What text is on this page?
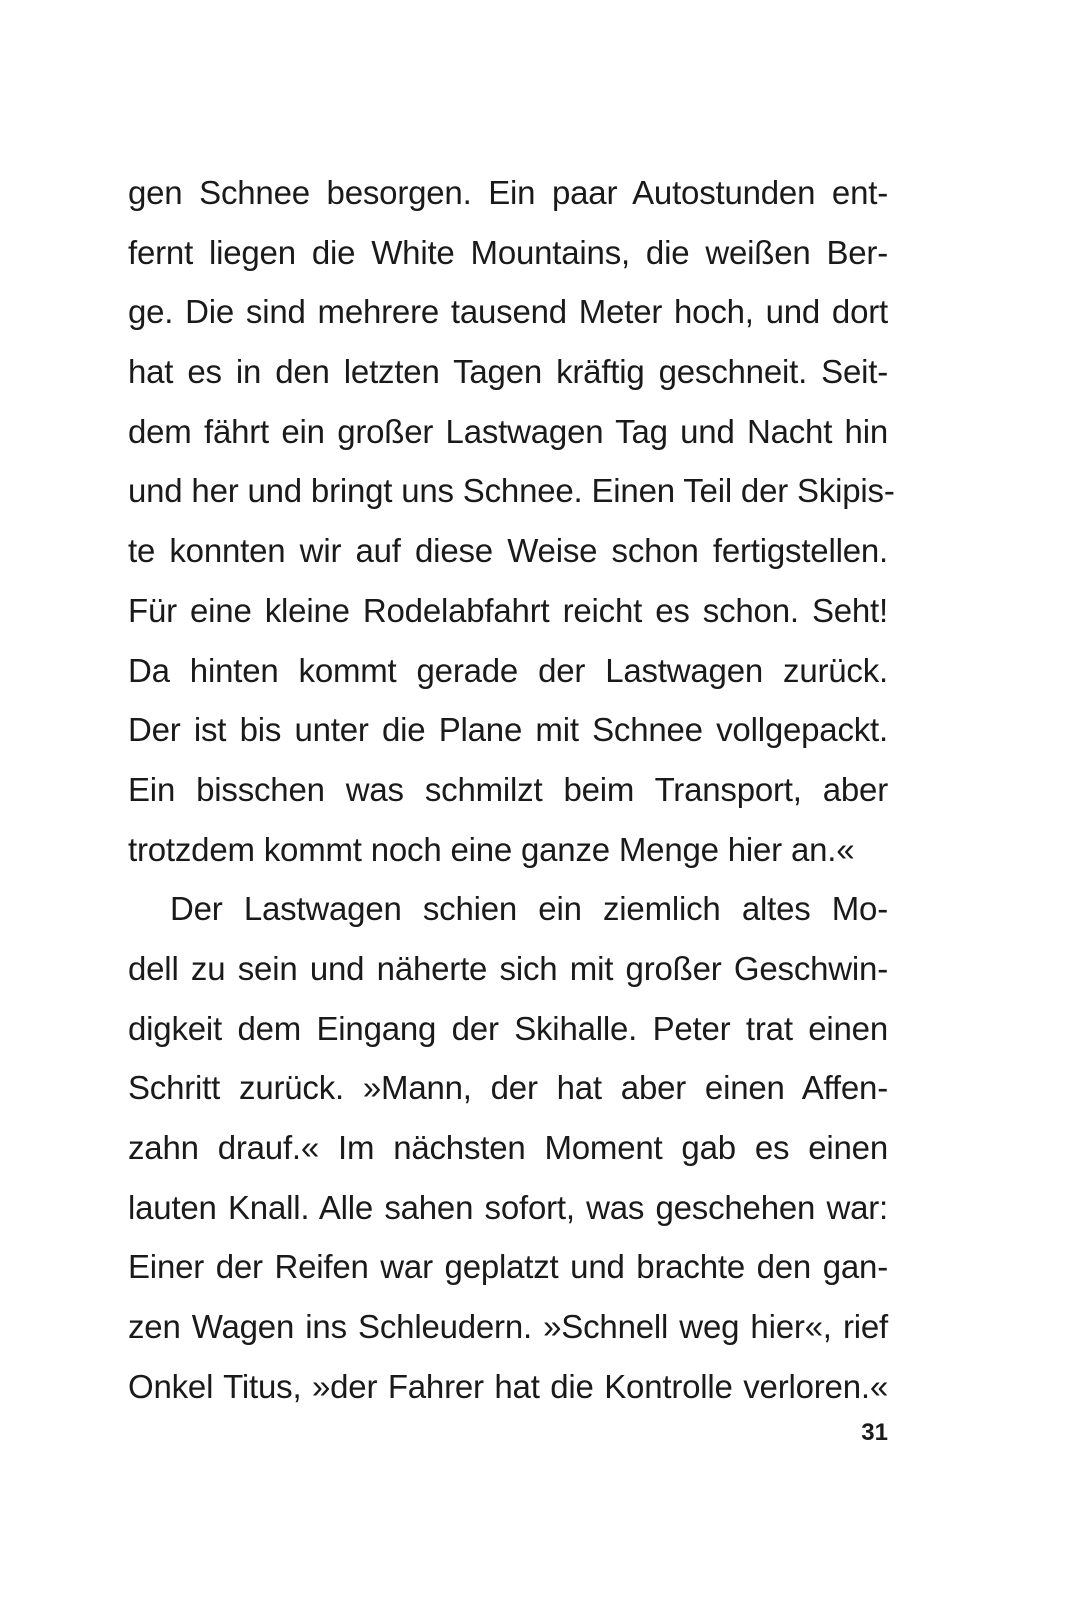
gen Schnee besorgen. Ein paar Autostunden ent-
fernt liegen die White Mountains, die weißen Ber-
ge. Die sind mehrere tausend Meter hoch, und dort
hat es in den letzten Tagen kräftig geschneit. Seit-
dem fährt ein großer Lastwagen Tag und Nacht hin
und her und bringt uns Schnee. Einen Teil der Skipis-
te konnten wir auf diese Weise schon fertigstellen.
Für eine kleine Rodelabfahrt reicht es schon. Seht!
Da hinten kommt gerade der Lastwagen zurück.
Der ist bis unter die Plane mit Schnee vollgepackt.
Ein bisschen was schmilzt beim Transport, aber
trotzdem kommt noch eine ganze Menge hier an.«
Der Lastwagen schien ein ziemlich altes Mo-
dell zu sein und näherte sich mit großer Geschwin-
digkeit dem Eingang der Skihalle. Peter trat einen
Schritt zurück. »Mann, der hat aber einen Affen-
zahn drauf.« Im nächsten Moment gab es einen
lauten Knall. Alle sahen sofort, was geschehen war:
Einer der Reifen war geplatzt und brachte den gan-
zen Wagen ins Schleudern. »Schnell weg hier«, rief
Onkel Titus, »der Fahrer hat die Kontrolle verloren.«
31
